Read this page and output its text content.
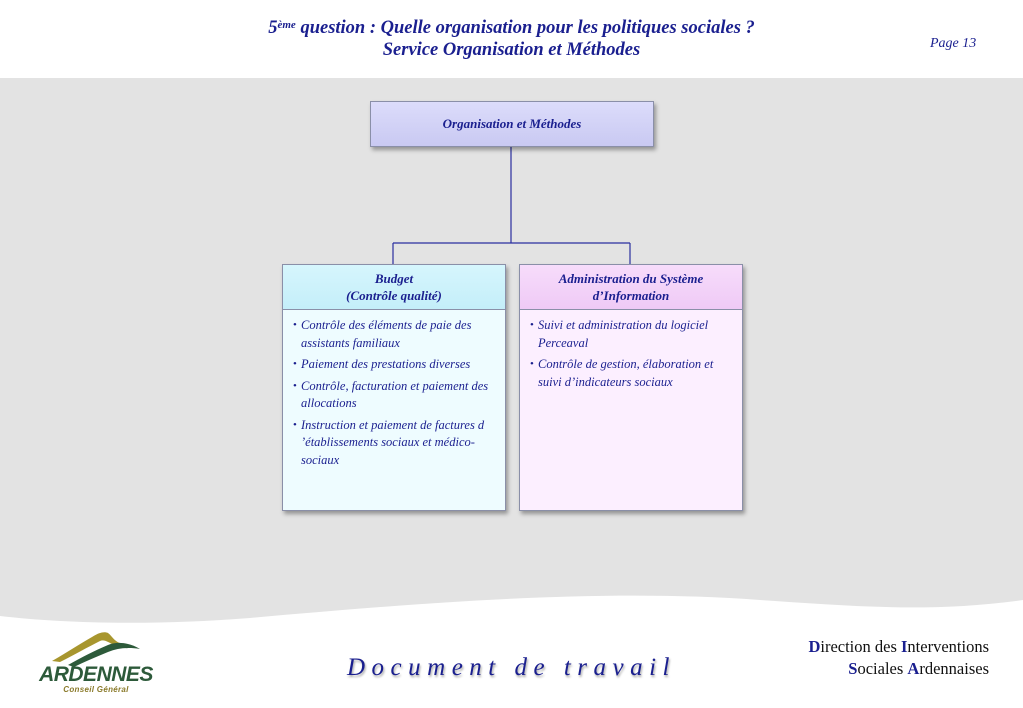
5ème question : Quelle organisation pour les politiques sociales ?
Service Organisation et Méthodes	Page 13
Organisation et Méthodes
Budget
(Contrôle qualité)
• Contrôle des éléments de paie des assistants familiaux
• Paiement des prestations diverses
• Contrôle, facturation et paiement des allocations
• Instruction et paiement de factures d ’établissements sociaux et médico-sociaux
Administration du Système
d’Information
• Suivi et administration du logiciel Perceaval
• Contrôle de gestion, élaboration et suivi d’indicateurs sociaux
ARDENNES
Conseil Général
Document de travail
Direction des Interventions
Sociales Ardennaises
